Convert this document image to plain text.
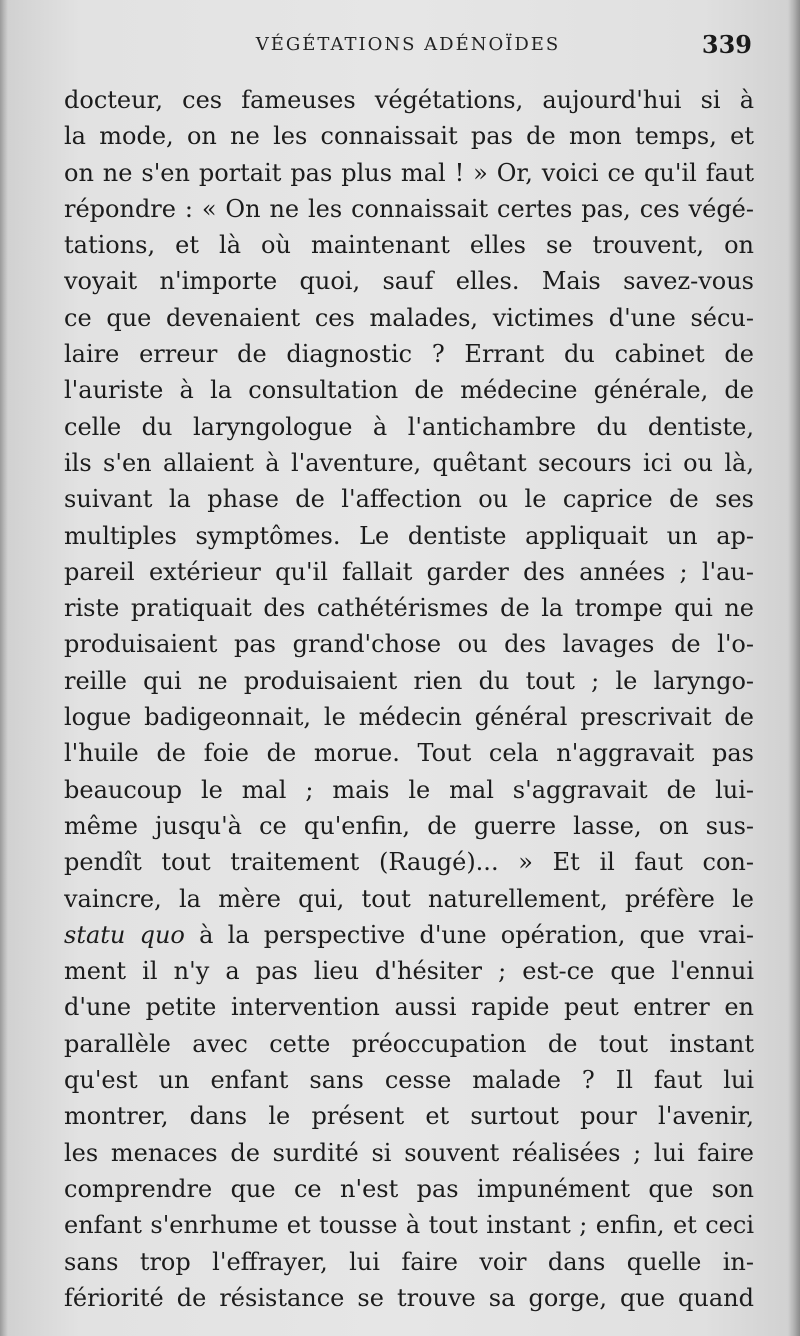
VÉGÉTATIONS ADÉNOÏDES	339
docteur, ces fameuses végétations, aujourd'hui si à
la mode, on ne les connaissait pas de mon temps, et
on ne s'en portait pas plus mal ! » Or, voici ce qu'il faut
répondre : « On ne les connaissait certes pas, ces végé-
tations, et là où maintenant elles se trouvent, on
voyait n'importe quoi, sauf elles. Mais savez-vous
ce que devenaient ces malades, victimes d'une sécu-
laire erreur de diagnostic ? Errant du cabinet de
l'auriste à la consultation de médecine générale, de
celle du laryngologue à l'antichambre du dentiste,
ils s'en allaient à l'aventure, quêtant secours ici ou là,
suivant la phase de l'affection ou le caprice de ses
multiples symptômes. Le dentiste appliquait un ap-
pareil extérieur qu'il fallait garder des années ; l'au-
riste pratiquait des cathétérismes de la trompe qui ne
produisaient pas grand'chose ou des lavages de l'o-
reille qui ne produisaient rien du tout ; le laryngo-
logue badigeonnait, le médecin général prescrivait de
l'huile de foie de morue. Tout cela n'aggravait pas
beaucoup le mal ; mais le mal s'aggravait de lui-
même jusqu'à ce qu'enfin, de guerre lasse, on sus-
pendît tout traitement (Raugé)... » Et il faut con-
vaincre, la mère qui, tout naturellement, préfère le
statu quo à la perspective d'une opération, que vrai-
ment il n'y a pas lieu d'hésiter ; est-ce que l'ennui
d'une petite intervention aussi rapide peut entrer en
parallèle avec cette préoccupation de tout instant
qu'est un enfant sans cesse malade ? Il faut lui
montrer, dans le présent et surtout pour l'avenir,
les menaces de surdité si souvent réalisées ; lui faire
comprendre que ce n'est pas impunément que son
enfant s'enrhume et tousse à tout instant ; enfin, et ceci
sans trop l'effrayer, lui faire voir dans quelle in-
fériorité de résistance se trouve sa gorge, que quand
